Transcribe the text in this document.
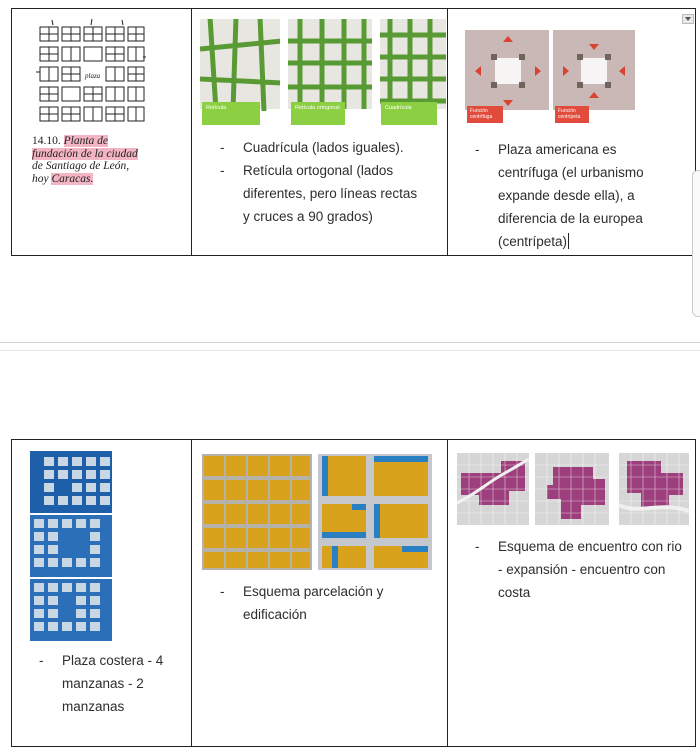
plaza
14.10. Planta de
fundación de la ciudad
de Santiago de León,
hoy Caracas.
Retícula	Retícula ortogonal	Cuadrícula
- Cuadrícula (lados iguales).
- Retícula ortogonal (lados diferentes, pero líneas rectas y cruces a 90 grados)
Función centrífuga
Función centrípeta
- Plaza americana es centrífuga (el urbanismo expande desde ella), a diferencia de la europea (centrípeta)
- Plaza costera - 4 manzanas - 2 manzanas
- Esquema parcelación y edificación
- Esquema de encuentro con rio - expansión - encuentro con costa
